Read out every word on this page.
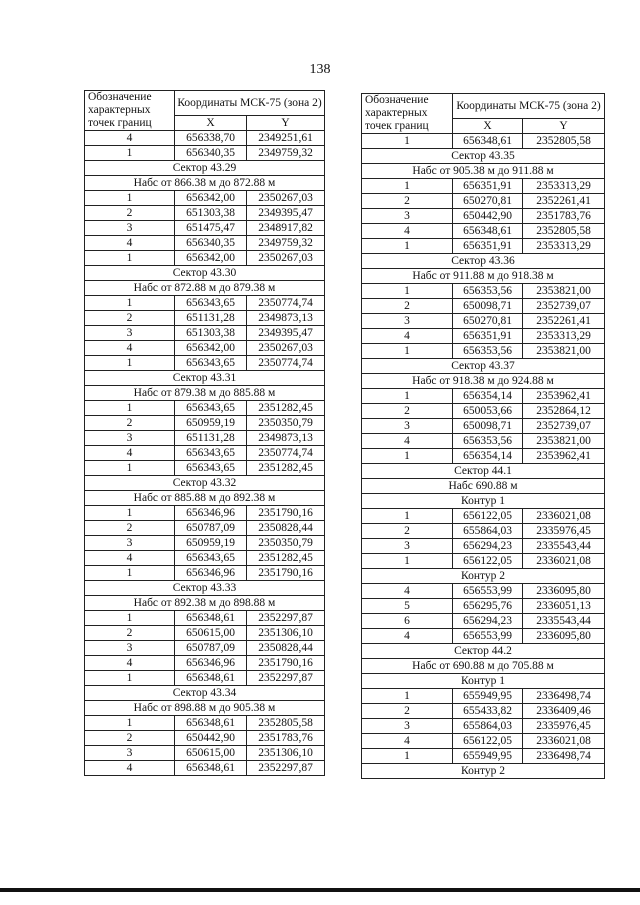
138
Обозначение характерных точек границ	Координаты МСК-75 (зона 2)	

	X	Y
4	656338,70	2349251,61
1	656340,35	2349759,32
Сектор 43.29		
Набс от 866.38 м до 872.88 м		
1	656342,00	2350267,03
2	651303,38	2349395,47
3	651475,47	2348917,82
4	656340,35	2349759,32
1	656342,00	2350267,03
Сектор 43.30		
Набс от 872.88 м до 879.38 м		
1	656343,65	2350774,74
2	651131,28	2349873,13
3	651303,38	2349395,47
4	656342,00	2350267,03
1	656343,65	2350774,74
Сектор 43.31		
Набс от 879.38 м до 885.88 м		
1	656343,65	2351282,45
2	650959,19	2350350,79
3	651131,28	2349873,13
4	656343,65	2350774,74
1	656343,65	2351282,45
Сектор 43.32		
Набс от 885.88 м до 892.38 м		
1	656346,96	2351790,16
2	650787,09	2350828,44
3	650959,19	2350350,79
4	656343,65	2351282,45
1	656346,96	2351790,16
Сектор 43.33		
Набс от 892.38 м до 898.88 м		
1	656348,61	2352297,87
2	650615,00	2351306,10
3	650787,09	2350828,44
4	656346,96	2351790,16
1	656348,61	2352297,87
Сектор 43.34		
Набс от 898.88 м до 905.38 м		
1	656348,61	2352805,58
2	650442,90	2351783,76
3	650615,00	2351306,10
4	656348,61	2352297,87
Обозначение характерных точек границ	Координаты МСК-75 (зона 2)	

	X	Y
1	656348,61	2352805,58
Сектор 43.35		
Набс от 905.38 м до 911.88 м		
1	656351,91	2353313,29
2	650270,81	2352261,41
3	650442,90	2351783,76
4	656348,61	2352805,58
1	656351,91	2353313,29
Сектор 43.36		
Набс от 911.88 м до 918.38 м		
1	656353,56	2353821,00
2	650098,71	2352739,07
3	650270,81	2352261,41
4	656351,91	2353313,29
1	656353,56	2353821,00
Сектор 43.37		
Набс от 918.38 м до 924.88 м		
1	656354,14	2353962,41
2	650053,66	2352864,12
3	650098,71	2352739,07
4	656353,56	2353821,00
1	656354,14	2353962,41
Сектор 44.1		
Набс 690.88 м		
Контур 1		
1	656122,05	2336021,08
2	655864,03	2335976,45
3	656294,23	2335543,44
1	656122,05	2336021,08
Контур 2		
4	656553,99	2336095,80
5	656295,76	2336051,13
6	656294,23	2335543,44
4	656553,99	2336095,80
Сектор 44.2		
Набс от 690.88 м до 705.88 м		
Контур 1		
1	655949,95	2336498,74
2	655433,82	2336409,46
3	655864,03	2335976,45
4	656122,05	2336021,08
1	655949,95	2336498,74
Контур 2		
